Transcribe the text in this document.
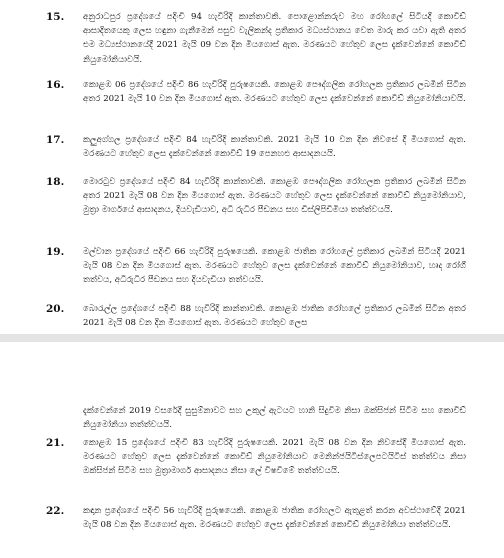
15.	අනුරාධපුර ප්‍රදේශයේ පදිංචි 94 හැවිරිදි කාන්තාවකි. පොළොන්නරුව මහ රෝහලේ සිටියදී කොවිඩ් ආසාදිතයෙකු ලෙස හඳුනා ගැනීමෙන් පසුව වැලිකන්ද ප්‍රතිකාර මධ්‍යස්ථානය වෙත මාරු කර යවා ඇති අතර එම මධ්‍යස්ථානයේදී 2021 මැයි 09 වන දින මියගොස් ඇත. මරණයට හේතුව ලෙස දැක්වෙන්නේ කොවිඩ් නියුමෝනියාවයි.
16.	කොළඹ 06 ප්‍රදේශයේ පදිංචි 86 හැවිරිදි පුරුෂයෙකි. කොළඹ පෞද්ගලික රෝහලක ප්‍රතිකාර ලබමින් සිටින අතර 2021 මැයි 10 වන දින මියගොස් ඇත. මරණයට හේතුව ලෙස දැක්වෙන්නේ කොවිඩ් නියුමෝනියාවයි.
17.	කලුඅග්ගල ප්‍රදේශයේ පදිංචි 84 හැවිරිදි කාන්තාවකි. 2021 මැයි 10 වන දින නිවසේ දී මියගොස් ඇත. මරණයට හේතුව ලෙස දැක්වෙන්නේ කොවිඩ් 19 පෙනහළු ආසාදනයයි.
18.	මොරටුව ප්‍රදේශයේ පදිංචි 84 හැවිරිදි කාන්තාවකි. කොළඹ පෞද්ගලික රෝහලක ප්‍රතිකාර ලබමින් සිටින අතර 2021 මැයි 08 වන දින මියගොස් ඇත. මරණයට හේතුව ලෙස දැක්වෙන්නේ කොවිඩ් නියුමෝනියාව, මුත්‍රා මාර්ගයේ ආසාදනය, දියවැඩියාව, අධි රුධිර පීඩනය සහ ඩිස්ලිපිඩිමියා තත්ත්වයයි.
19.	මල්වාන ප්‍රදේශයේ පදිංචි 66 හැවිරිදි පුරුෂයෙකි. කොළඹ ජාතික රෝහලේ ප්‍රතිකාර ලබමින් සිටියදී 2021 මැයි 08 වන දින මියගොස් ඇත. මරණයට හේතුව ලෙස දැක්වෙන්නේ කොවිඩ් නියුමෝනියාව, හෘද රෝගී තත්වය, අධිරුධිර පීඩනය සහ දියවැඩියා තත්වයයි.
20.	බොරැල්ල ප්‍රදේශයේ පදිංචි 88 හැවිරිදි කාන්තාවකි. කොළඹ ජාතික රෝහලේ ප්‍රතිකාර ලබමින් සිටින අතර 2021 මැයි 08 වන දින මියගොස් ඇත. මරණයට හේතුව ලෙස
දැක්වෙන්නේ 2019 වසරේදී සුසුම්නාවට සහ උකුල් ඇටයට හානි සිදුවීම නිසා ඔක්සිජන් සිටීම සහ කොවිඩ් නියුමෝනියා තත්ත්වයයි.
21.	කොළඹ 15 ප්‍රදේශයේ පදිංචි 83 හැවිරිදි පුරුෂයෙකි. 2021 මැයි 08 වන දින නිවසේදී මියගොස් ඇත. මරණයට හේතුව ලෙස දැක්වෙන්නේ කොවිඩ් නියුමෝනියාව මෙනින්ජයිටිස්ලෙපටයිටිස් තත්ත්වය නිසා ඔක්සිජන් සිටීම සහ මුත්‍රාමාර්ග ආසාදනය නිසා ලේ විෂවීමේ තත්ත්වයයි.
22.	කඳාන ප්‍රදේශයේ පදිංචි 56 හැවිරිදි පුරුෂයෙකි. කොළඹ ජාතික රෝහලට ඇතුළත් කරන අවස්ථාවේදී 2021 මැයි 08 වන දින මියගොස් ඇත. මරණයට හේතුව ලෙස දැක්වෙන්නේ කොවිඩ් නියුමෝනියා තත්ත්වයයි.
